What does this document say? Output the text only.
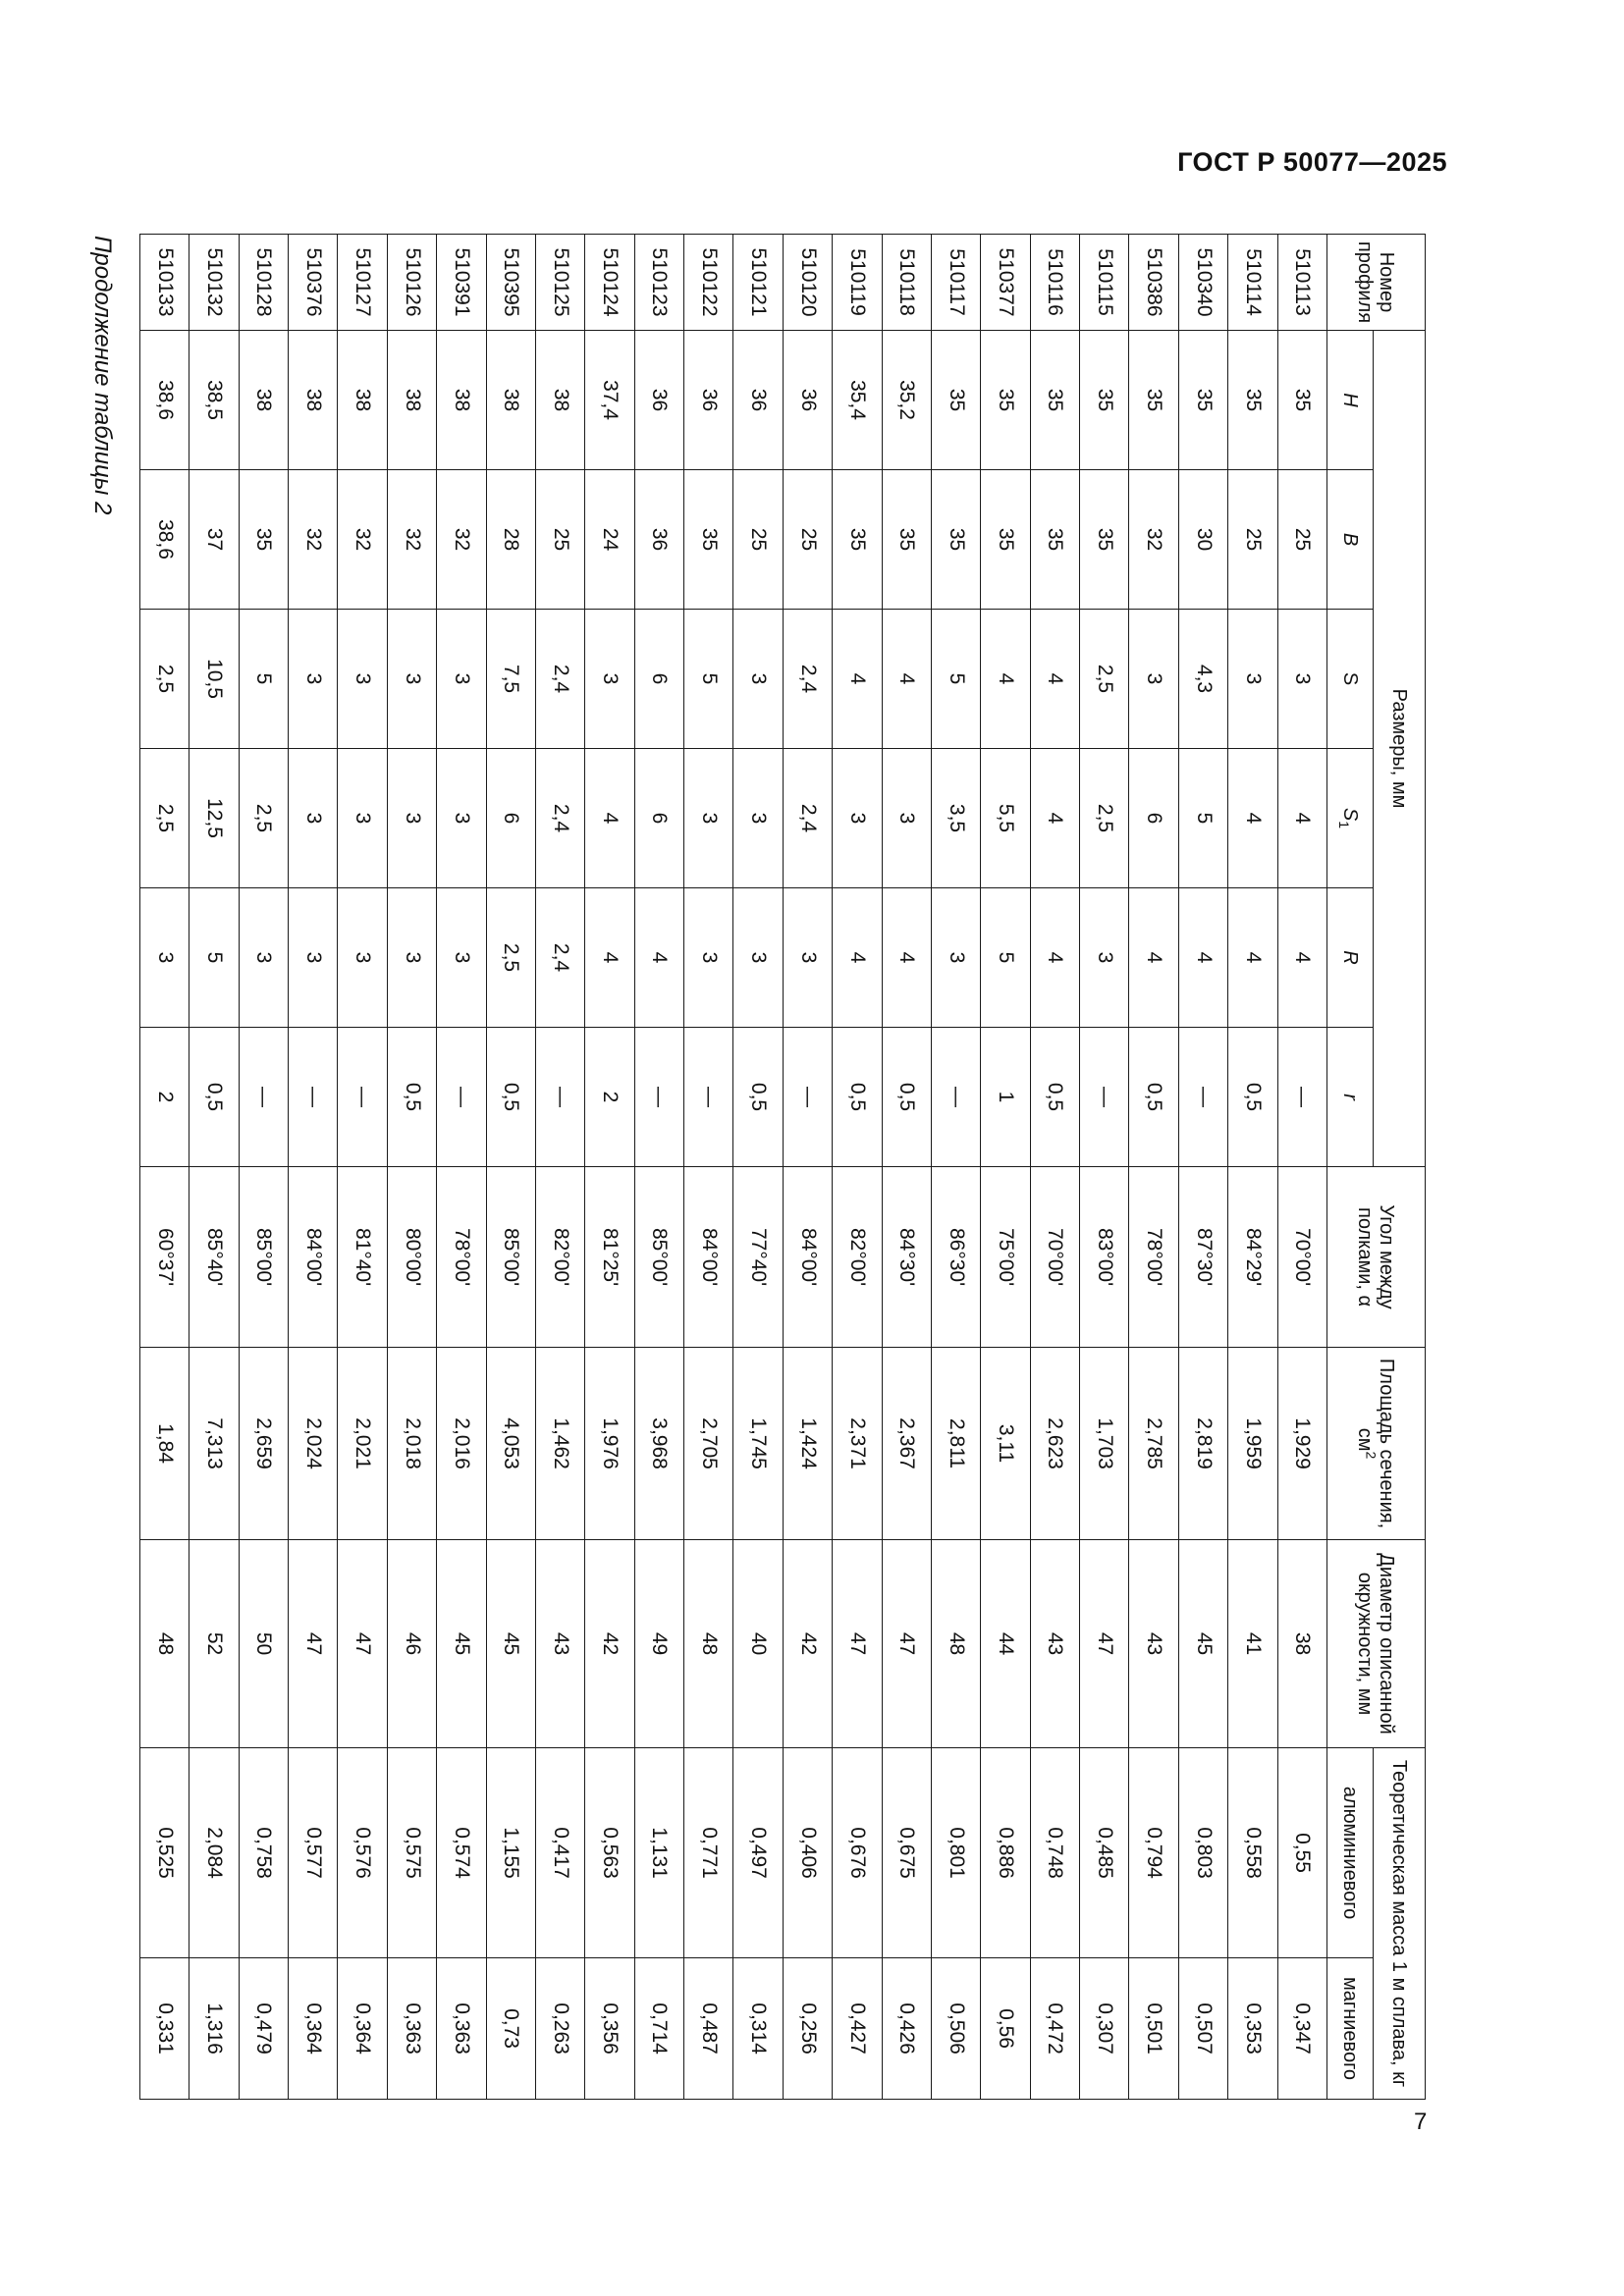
ГОСТ Р 50077—2025
Продолжение таблицы 2	Номер профиля	Размеры, мм						Угол между полками, α	Площадь сечения, $см^2$	Диаметр описанной окружности, мм	Теоретическая масса 1 м сплава, кг	
	H	B	S	$S_1$	R	r				алюминиевого	магниевого
510113	35	25	3	4	4	—	70°00'	1,929	38	0,55	0,347
510114	35	25	3	4	4	0,5	84°29'	1,959	41	0,558	0,353
510340	35	30	4,3	5	4	—	87°30'	2,819	45	0,803	0,507
510386	35	32	3	6	4	0,5	78°00'	2,785	43	0,794	0,501
510115	35	35	2,5	2,5	3	—	83°00'	1,703	47	0,485	0,307
510116	35	35	4	4	4	0,5	70°00'	2,623	43	0,748	0,472
510377	35	35	4	5,5	5	1	75°00'	3,11	44	0,886	0,56
510117	35	35	5	3,5	3	—	86°30'	2,811	48	0,801	0,506
510118	35,2	35	4	3	4	0,5	84°30'	2,367	47	0,675	0,426
510119	35,4	35	4	3	4	0,5	82°00'	2,371	47	0,676	0,427
510120	36	25	2,4	2,4	3	—	84°00'	1,424	42	0,406	0,256
510121	36	25	3	3	3	0,5	77°40'	1,745	40	0,497	0,314
510122	36	35	5	3	3	—	84°00'	2,705	48	0,771	0,487
510123	36	36	6	6	4	—	85°00'	3,968	49	1,131	0,714
510124	37,4	24	3	4	4	2	81°25'	1,976	42	0,563	0,356
510125	38	25	2,4	2,4	2,4	—	82°00'	1,462	43	0,417	0,263
510395	38	28	7,5	6	2,5	0,5	85°00'	4,053	45	1,155	0,73
510391	38	32	3	3	3	—	78°00'	2,016	45	0,574	0,363
510126	38	32	3	3	3	0,5	80°00'	2,018	46	0,575	0,363
510127	38	32	3	3	3	—	81°40'	2,021	47	0,576	0,364
510376	38	32	3	3	3	—	84°00'	2,024	47	0,577	0,364
510128	38	35	5	2,5	3	—	85°00'	2,659	50	0,758	0,479
510132	38,5	37	10,5	12,5	5	0,5	85°40'	7,313	52	2,084	1,316
510133	38,6	38,6	2,5	2,5	3	2	60°37'	1,84	48	0,525	0,331
7
